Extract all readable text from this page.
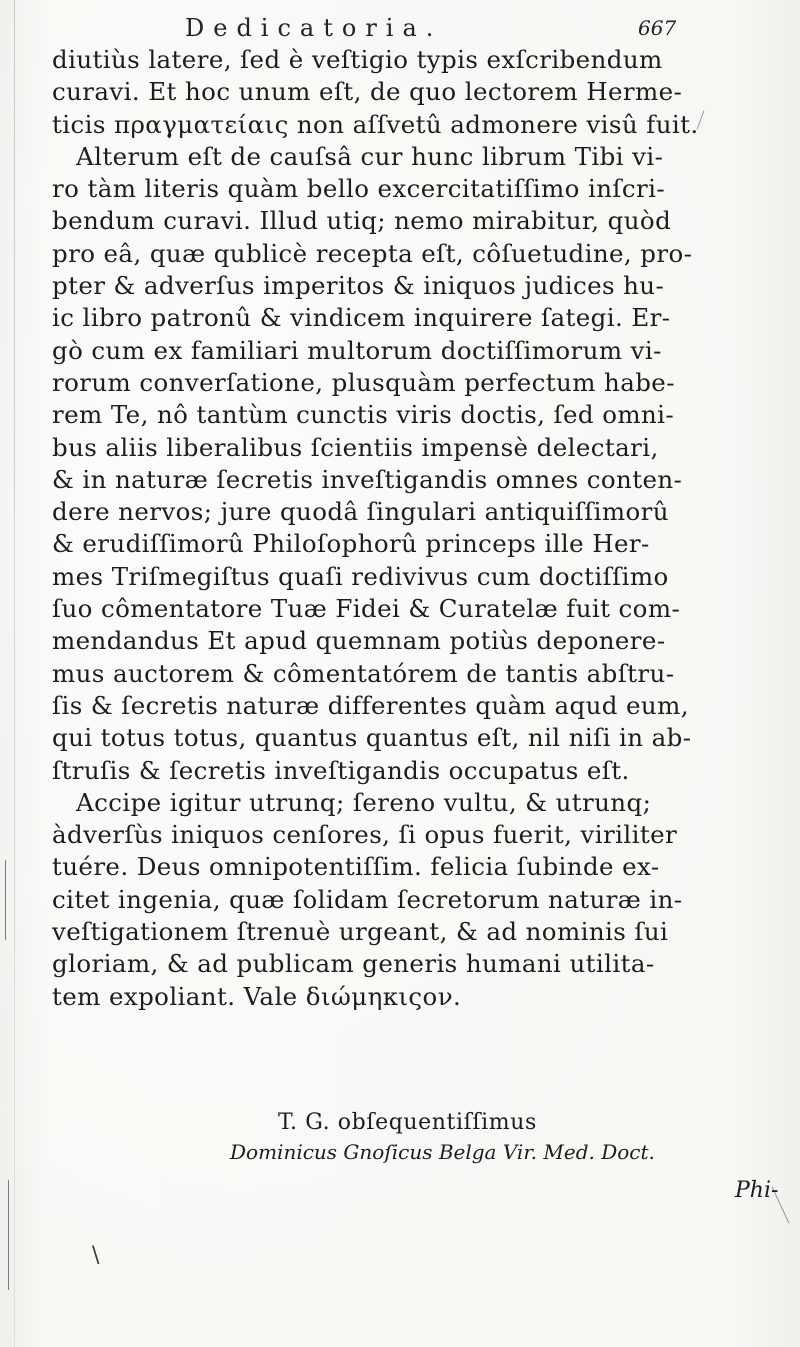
Dedicatoria.	667
diutiùs latere, ſed è veſtigio typis exſcribendum
curavi. Et hoc unum eſt, de quo lectorem Herme-
ticis πραγματείαις non aſſvetû admonere visû fuit.
Alterum eſt de cauſsâ cur hunc librum Tibi vi-
ro tàm literis quàm bello excercitatiſſimo inſcri-
bendum curavi. Illud utiq; nemo mirabitur, quòd
pro eâ, quæ qublicè recepta eſt, côſuetudine, pro-
pter & adverſus imperitos & iniquos judices hu-
ic libro patronû & vindicem inquirere ſategi. Er-
gò cum ex familiari multorum doctiſſimorum vi-
rorum converſatione, plusquàm perfectum habe-
rem Te, nô tantùm cunctis viris doctis, ſed omni-
bus aliis liberalibus ſcientiis impensè delectari,
& in naturæ ſecretis inveſtigandis omnes conten-
dere nervos; jure quodâ ſingulari antiquiſſimorû
& erudiſſimorû Philoſophorû princeps ille Her-
mes Triſmegiſtus quaſi redivivus cum doctiſſimo
ſuo cômentatore Tuæ Fidei & Curatelæ fuit com-
mendandus Et apud quemnam potiùs deponere-
mus auctorem & cômentatórem de tantis abſtru-
ſis & ſecretis naturæ differentes quàm aqud eum,
qui totus totus, quantus quantus eſt, nil niſi in ab-
ſtruſis & ſecretis inveſtigandis occupatus eſt.
Accipe igitur utrunq; ſereno vultu, & utrunq;
àdverſùs iniquos cenſores, ſi opus fuerit, viriliter
tuére. Deus omnipotentiſſim. felicia ſubinde ex-
citet ingenia, quæ ſolidam ſecretorum naturæ in-
veſtigationem ſtrenuè urgeant, & ad nominis ſui
gloriam, & ad publicam generis humani utilita-
tem expoliant. Vale διώμηκιςον.
T. G. obſequentiſſimus
Dominicus Gnoſicus Belga Vir. Med. Doct.
Phi-
\
